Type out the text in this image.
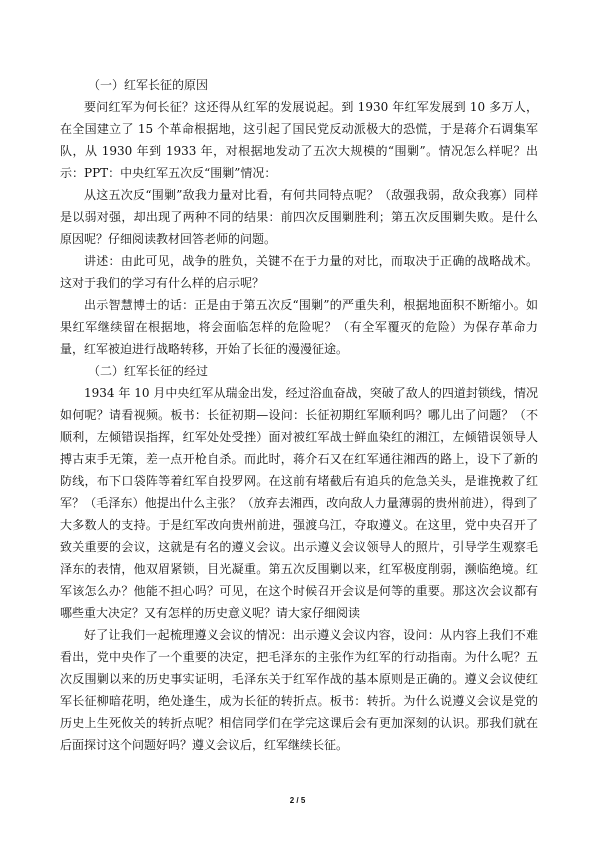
（一）红军长征的原因

要问红军为何长征？这还得从红军的发展说起。到 1930 年红军发展到 10 多万人，在全国建立了 15 个革命根据地，这引起了国民党反动派极大的恐慌，于是蒋介石调集军队，从 1930 年到 1933 年，对根据地发动了五次大规模的“围剿”。情况怎么样呢？出示：PPT：中央红军五次反“围剿”情况：

从这五次反“围剿”敌我力量对比看，有何共同特点呢？（敌强我弱，敌众我寡）同样是以弱对强，却出现了两种不同的结果：前四次反围剿胜利；第五次反围剿失败。是什么原因呢？仔细阅读教材回答老师的问题。

讲述：由此可见，战争的胜负，关键不在于力量的对比，而取决于正确的战略战术。这对于我们的学习有什么样的启示呢？

出示智慧博士的话：正是由于第五次反“围剿”的严重失利，根据地面积不断缩小。如果红军继续留在根据地，将会面临怎样的危险呢？（有全军覆灭的危险）为保存革命力量，红军被迫进行战略转移，开始了长征的漫漫征途。

（二）红军长征的经过

1934 年 10 月中央红军从瑞金出发，经过浴血奋战，突破了敌人的四道封锁线，情况如何呢？请看视频。板书：长征初期—设问：长征初期红军顺利吗？哪儿出了问题？（不顺利，左倾错误指挥，红军处处受挫）面对被红军战士鲜血染红的湘江，左倾错误领导人搏古束手无策，差一点开枪自杀。而此时，蒋介石又在红军通往湘西的路上，设下了新的防线，布下口袋阵等着红军自投罗网。在这前有堵截后有追兵的危急关头，是谁挽救了红军？（毛泽东）他提出什么主张？（放弃去湘西，改向敌人力量薄弱的贵州前进），得到了大多数人的支持。于是红军改向贵州前进，强渡乌江，夺取遵义。在这里，党中央召开了致关重要的会议，这就是有名的遵义会议。出示遵义会议领导人的照片，引导学生观察毛泽东的表情，他双眉紧锁，目光凝重。第五次反围剿以来，红军极度削弱，濒临绝境。红军该怎么办？他能不担心吗？可见，在这个时候召开会议是何等的重要。那这次会议都有哪些重大决定？又有怎样的历史意义呢？请大家仔细阅读

好了让我们一起梳理遵义会议的情况：出示遵义会议内容，设问：从内容上我们不难看出，党中央作了一个重要的决定，把毛泽东的主张作为红军的行动指南。为什么呢？五次反围剿以来的历史事实证明，毛泽东关于红军作战的基本原则是正确的。遵义会议使红军长征柳暗花明，绝处逢生，成为长征的转折点。板书：转折。为什么说遵义会议是党的历史上生死攸关的转折点呢？相信同学们在学完这课后会有更加深刻的认识。那我们就在后面探讨这个问题好吗？遵义会议后，红军继续长征。

2 / 5
